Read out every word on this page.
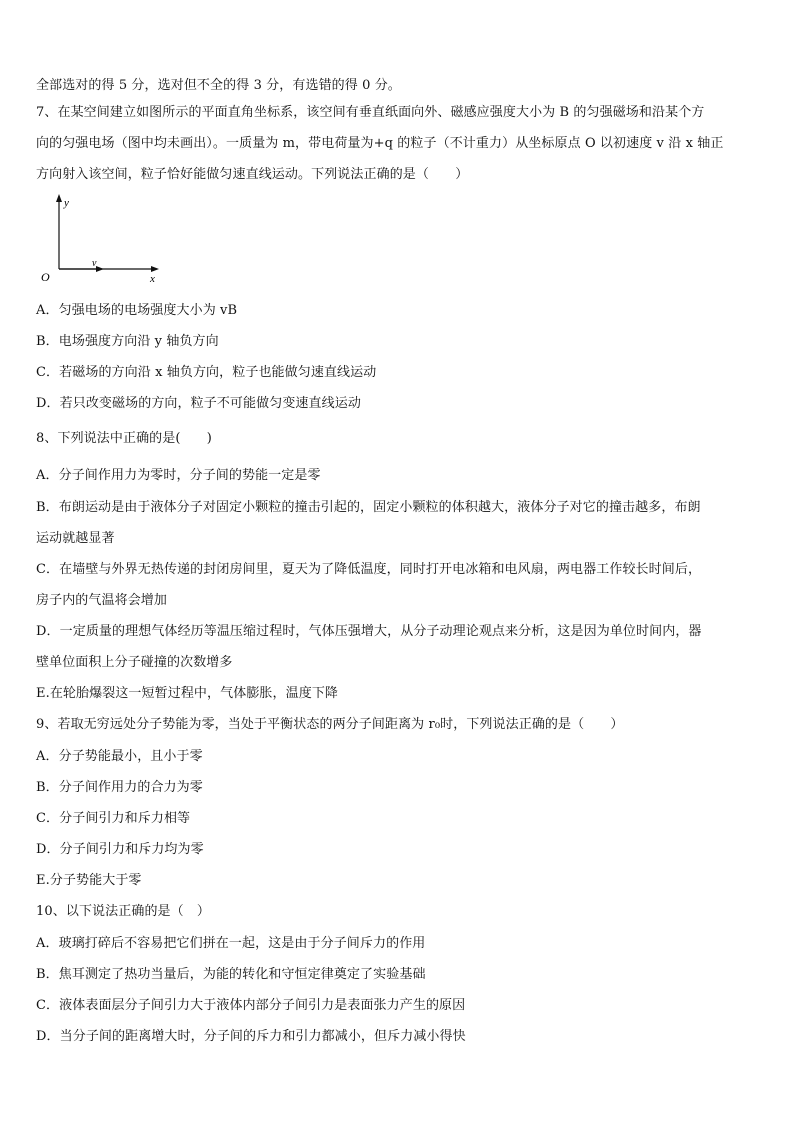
全部选对的得 5 分，选对但不全的得 3 分，有选错的得 0 分。
7、在某空间建立如图所示的平面直角坐标系，该空间有垂直纸面向外、磁感应强度大小为 B 的匀强磁场和沿某个方
向的匀强电场（图中均未画出）。一质量为 m，带电荷量为+q 的粒子（不计重力）从坐标原点 O 以初速度 v 沿 x 轴正
方向射入该空间，粒子恰好能做匀速直线运动。下列说法正确的是（　　）
y
x
O
v
A．匀强电场的电场强度大小为 vB
B．电场强度方向沿 y 轴负方向
C．若磁场的方向沿 x 轴负方向，粒子也能做匀速直线运动
D．若只改变磁场的方向，粒子不可能做匀变速直线运动
8、下列说法中正确的是(　　)
A．分子间作用力为零时，分子间的势能一定是零
B．布朗运动是由于液体分子对固定小颗粒的撞击引起的，固定小颗粒的体积越大，液体分子对它的撞击越多，布朗
运动就越显著
C．在墙壁与外界无热传递的封闭房间里，夏天为了降低温度，同时打开电冰箱和电风扇，两电器工作较长时间后，
房子内的气温将会增加
D．一定质量的理想气体经历等温压缩过程时，气体压强增大，从分子动理论观点来分析，这是因为单位时间内，器
壁单位面积上分子碰撞的次数增多
E.在轮胎爆裂这一短暂过程中，气体膨胀，温度下降
9、若取无穷远处分子势能为零，当处于平衡状态的两分子间距离为 r₀时，下列说法正确的是（　　）
A．分子势能最小，且小于零
B．分子间作用力的合力为零
C．分子间引力和斥力相等
D．分子间引力和斥力均为零
E.分子势能大于零
10、以下说法正确的是（　）
A．玻璃打碎后不容易把它们拼在一起，这是由于分子间斥力的作用
B．焦耳测定了热功当量后，为能的转化和守恒定律奠定了实验基础
C．液体表面层分子间引力大于液体内部分子间引力是表面张力产生的原因
D．当分子间的距离增大时，分子间的斥力和引力都减小，但斥力减小得快
